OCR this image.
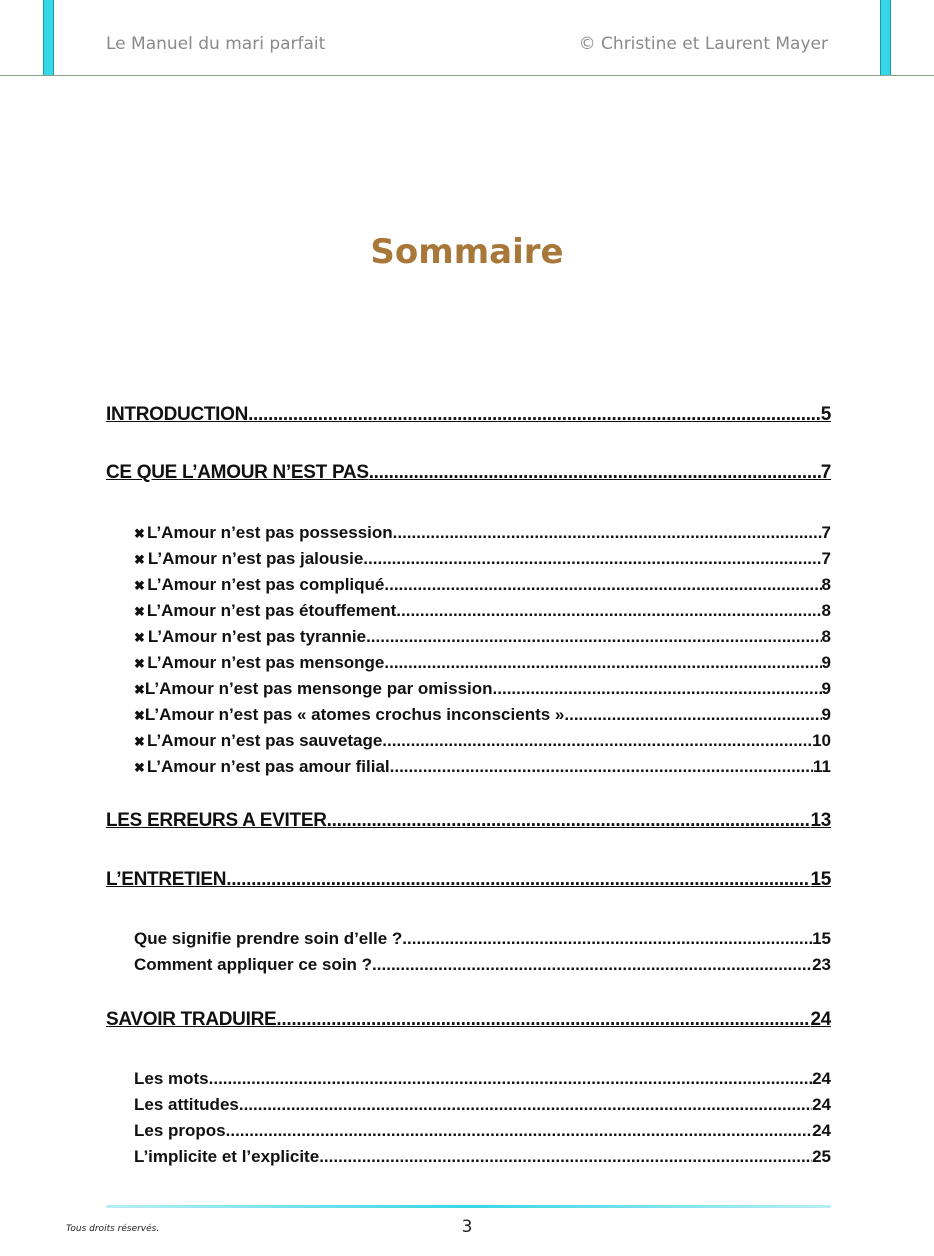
Le Manuel du mari parfait	© Christine et Laurent Mayer
Sommaire
INTRODUCTION .....	5
CE QUE L’AMOUR N’EST PAS .....	7
✖ L’Amour n’est pas possession. .....	7
✖ L’Amour n’est pas jalousie. .....	7
✖ L’Amour n’est pas compliqué. .....	8
✖ L’Amour n’est pas étouffement. .....	8
✖ L’Amour n’est pas tyrannie. .....	8
✖ L’Amour n’est pas mensonge. .....	9
✖ L’Amour n’est pas mensonge par omission. .....	9
✖ L’Amour n’est pas « atomes crochus inconscients ». .....	9
✖ L’Amour n’est pas sauvetage. .....	10
✖ L’Amour n’est pas amour filial. .....	11
LES ERREURS A EVITER .....	13
L’ENTRETIEN .....	15
Que signifie prendre soin d’elle ? .....	15
Comment appliquer ce soin ? .....	23
SAVOIR TRADUIRE .....	24
Les mots .....	24
Les attitudes .....	24
Les propos .....	24
L’implicite et l’explicite .....	25
Tous droits réservés.	3
